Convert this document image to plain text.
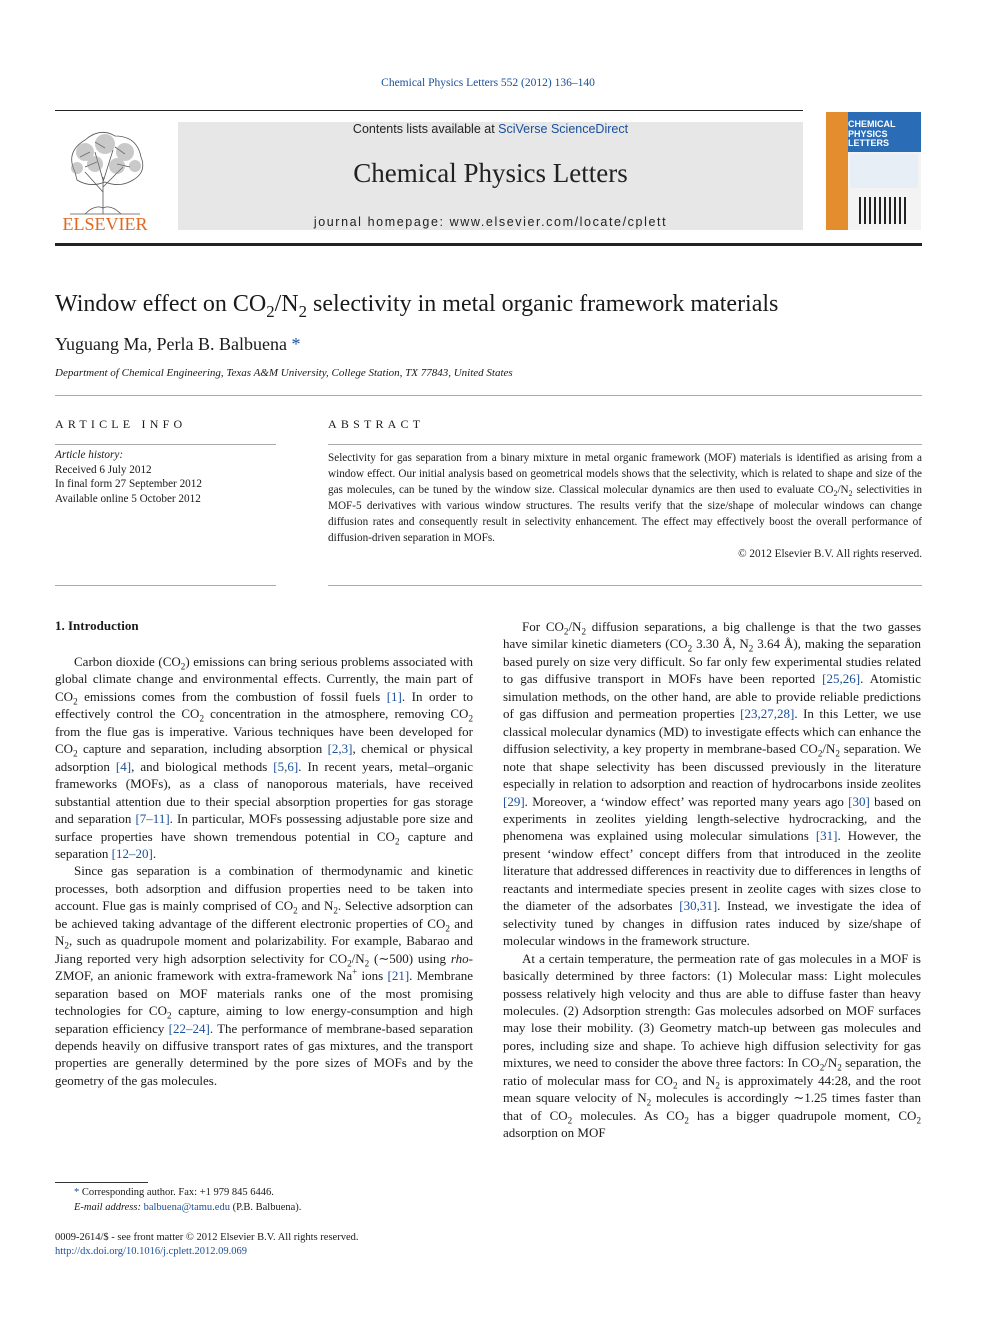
Chemical Physics Letters 552 (2012) 136–140
ELSEVIER
Contents lists available at SciVerse ScienceDirect
Chemical Physics Letters
journal homepage: www.elsevier.com/locate/cplett
CHEMICAL
PHYSICS
LETTERS
Window effect on $CO_2/N_2$ selectivity in metal organic framework materials
Yuguang Ma, Perla B. Balbuena *
Department of Chemical Engineering, Texas A&M University, College Station, TX 77843, United States
ARTICLE INFO	ABSTRACT
Article history:
Received 6 July 2012
In final form 27 September 2012
Available online 5 October 2012

Selectivity for gas separation from a binary mixture in metal organic framework (MOF) materials is identified as arising from a window effect. Our initial analysis based on geometrical models shows that the selectivity, which is related to shape and size of the gas molecules, can be tuned by the window size. Classical molecular dynamics are then used to evaluate $CO_2/N_2$ selectivities in MOF-5 derivatives with various window structures. The results verify that the size/shape of molecular windows can change diffusion rates and consequently result in selectivity enhancement. The effect may effectively boost the overall performance of diffusion-driven separation in MOFs.

© 2012 Elsevier B.V. All rights reserved.
1. Introduction

Carbon dioxide $(CO_2)$ emissions can bring serious problems associated with global climate change and environmental effects. Currently, the main part of $CO_2$ emissions comes from the combustion of fossil fuels [1]. In order to effectively control the $CO_2$ concentration in the atmosphere, removing $CO_2$ from the flue gas is imperative. Various techniques have been developed for $CO_2$ capture and separation, including absorption [2,3], chemical or physical adsorption [4], and biological methods [5,6]. In recent years, metal–organic frameworks (MOFs), as a class of nanoporous materials, have received substantial attention due to their special absorption properties for gas storage and separation [7–11]. In particular, MOFs possessing adjustable pore size and surface properties have shown tremendous potential in $CO_2$ capture and separation [12–20].

Since gas separation is a combination of thermodynamic and kinetic processes, both adsorption and diffusion properties need to be taken into account. Flue gas is mainly comprised of $CO_2$ and $N_2$. Selective adsorption can be achieved taking advantage of the different electronic properties of $CO_2$ and $N_2$, such as quadrupole moment and polarizability. For example, Babarao and Jiang reported very high adsorption selectivity for $CO_2/N_2$ (∼500) using rho-ZMOF, an anionic framework with extra-framework Na+ ions [21]. Membrane separation based on MOF materials ranks one of the most promising technologies for $CO_2$ capture, aiming to low energy-consumption and high separation efficiency [22–24]. The performance of membrane-based separation depends heavily on diffusive transport rates of gas mixtures, and the transport properties are generally determined by the pore sizes of MOFs and by the geometry of the gas molecules.

For $CO_2/N_2$ diffusion separations, a big challenge is that the two gasses have similar kinetic diameters ($CO_2$ 3.30 Å, $N_2$ 3.64 Å), making the separation based purely on size very difficult. So far only few experimental studies related to gas diffusive transport in MOFs have been reported [25,26]. Atomistic simulation methods, on the other hand, are able to provide reliable predictions of gas diffusion and permeation properties [23,27,28]. In this Letter, we use classical molecular dynamics (MD) to investigate effects which can enhance the diffusion selectivity, a key property in membrane-based $CO_2/N_2$ separation. We note that shape selectivity has been discussed previously in the literature especially in relation to adsorption and reaction of hydrocarbons inside zeolites [29]. Moreover, a ‘window effect’ was reported many years ago [30] based on experiments in zeolites yielding length-selective hydrocracking, and the phenomena was explained using molecular simulations [31]. However, the present ‘window effect’ concept differs from that introduced in the zeolite literature that addressed differences in reactivity due to differences in lengths of reactants and intermediate species present in zeolite cages with sizes close to the diameter of the adsorbates [30,31]. Instead, we investigate the idea of selectivity tuned by changes in diffusion rates induced by size/shape of molecular windows in the framework structure.

At a certain temperature, the permeation rate of gas molecules in a MOF is basically determined by three factors: (1) Molecular mass: Light molecules possess relatively high velocity and thus are able to diffuse faster than heavy molecules. (2) Adsorption strength: Gas molecules adsorbed on MOF surfaces may lose their mobility. (3) Geometry match-up between gas molecules and pores, including size and shape. To achieve high diffusion selectivity for gas mixtures, we need to consider the above three factors: In $CO_2/N_2$ separation, the ratio of molecular mass for $CO_2$ and $N_2$ is approximately 44:28, and the root mean square velocity of $N_2$ molecules is accordingly ∼1.25 times faster than that of $CO_2$ molecules. As $CO_2$ has a bigger quadrupole moment, $CO_2$ adsorption on MOF

* Corresponding author. Fax: +1 979 845 6446.
E-mail address: balbuena@tamu.edu (P.B. Balbuena).
0009-2614/$ - see front matter © 2012 Elsevier B.V. All rights reserved.
http://dx.doi.org/10.1016/j.cplett.2012.09.069
